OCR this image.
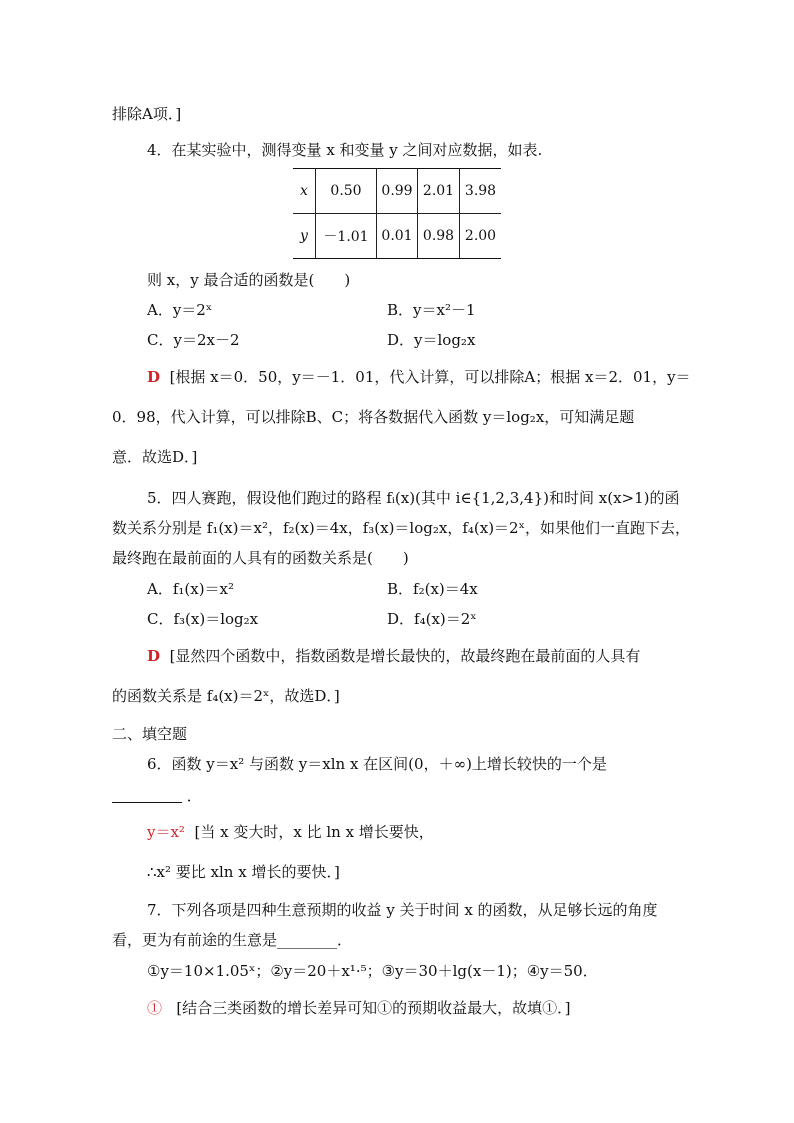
排除A项．]
4．在某实验中，测得变量 x 和变量 y 之间对应数据，如表.
x	0.50	0.99	2.01	3.98
y	－1.01	0.01	0.98	2.00
则 x，y 最合适的函数是(　　)
A．y＝2ˣ	B．y＝x²－1
C．y＝2x－2	D．y＝log₂x
D [根据 x＝0．50，y＝－1．01，代入计算，可以排除A；根据 x＝2．01，y＝
0．98，代入计算，可以排除B、C；将各数据代入函数 y＝log₂x，可知满足题
意．故选D．]
5．四人赛跑，假设他们跑过的路程 fᵢ(x)(其中 i∈{1,2,3,4})和时间 x(x>1)的函
数关系分别是 f₁(x)＝x²，f₂(x)＝4x，f₃(x)＝log₂x，f₄(x)＝2ˣ，如果他们一直跑下去，
最终跑在最前面的人具有的函数关系是(　　)
A．f₁(x)＝x²	B．f₂(x)＝4x
C．f₃(x)＝log₂x	D．f₄(x)＝2ˣ
D [显然四个函数中，指数函数是增长最快的，故最终跑在最前面的人具有
的函数关系是 f₄(x)＝2ˣ，故选D．]
二、填空题
6．函数 y＝x² 与函数 y＝xln x 在区间(0，＋∞)上增长较快的一个是
．
y＝x² [当 x 变大时，x 比 ln x 增长要快，
∴x² 要比 xln x 增长的要快．]
7．下列各项是四种生意预期的收益 y 关于时间 x 的函数，从足够长远的角度
看，更为有前途的生意是________．
①y＝10×1.05ˣ；②y＝20＋x¹·⁵；③y＝30＋lg(x－1)；④y＝50．
① [结合三类函数的增长差异可知①的预期收益最大，故填①．]
